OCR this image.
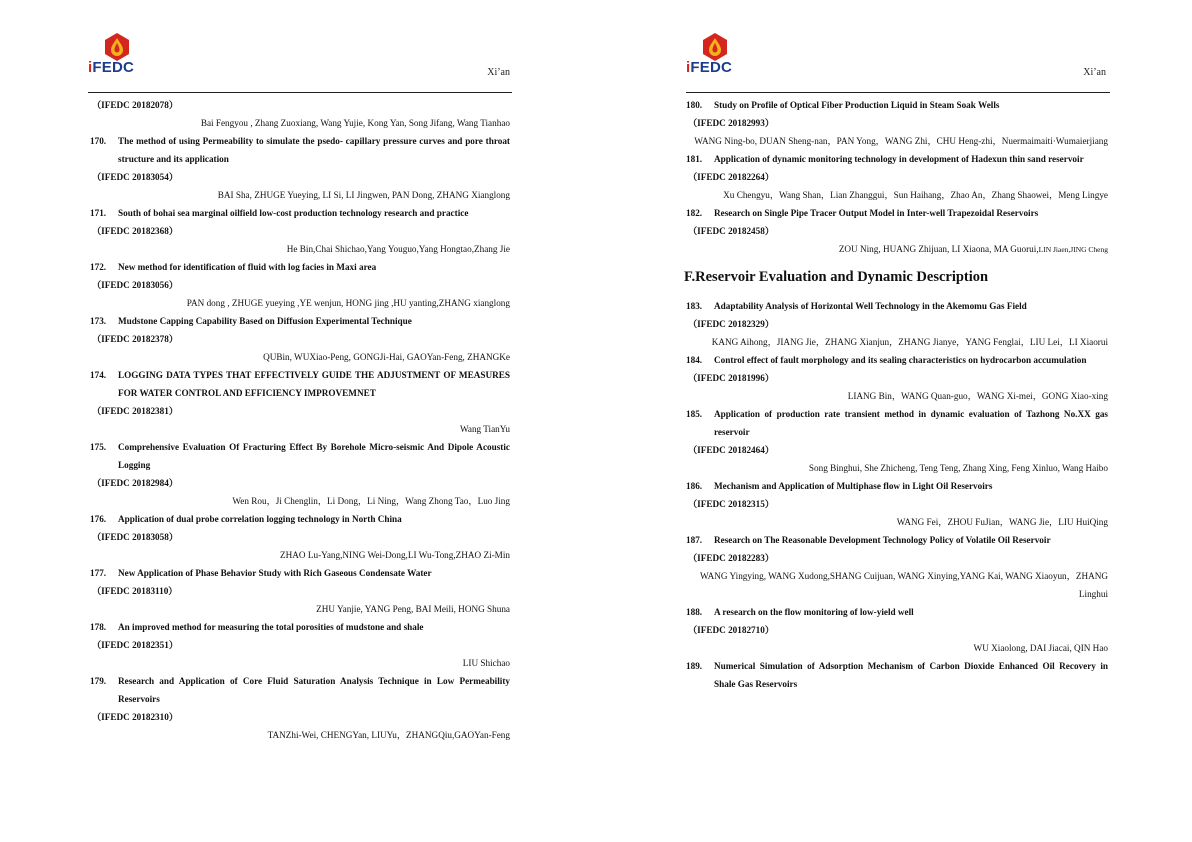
iFEDC	Xi’an
（IFEDC 20182078）
Bai Fengyou , Zhang Zuoxiang, Wang Yujie, Kong Yan, Song Jifang, Wang Tianhao
170.	The method of using Permeability to simulate the psedo- capillary pressure curves and pore throat structure and its application
（IFEDC 20183054）
BAI Sha, ZHUGE Yueying, LI Si, LI Jingwen, PAN Dong, ZHANG Xianglong
171.	South of bohai sea marginal oilfield low-cost production technology research and practice
（IFEDC 20182368）
He Bin,Chai Shichao,Yang Youguo,Yang Hongtao,Zhang Jie
172.	New method for identification of fluid with log facies in Maxi area
（IFEDC 20183056）
PAN dong , ZHUGE yueying ,YE wenjun, HONG jing ,HU yanting,ZHANG xianglong
173.	Mudstone Capping Capability Based on Diffusion Experimental Technique
（IFEDC 20182378）
QUBin, WUXiao-Peng, GONGJi-Hai, GAOYan-Feng, ZHANGKe
174.	LOGGING DATA TYPES THAT EFFECTIVELY GUIDE THE ADJUSTMENT OF MEASURES FOR WATER CONTROL AND EFFICIENCY IMPROVEMNET
（IFEDC 20182381）
Wang TianYu
175.	Comprehensive Evaluation Of Fracturing Effect By Borehole Micro-seismic And Dipole Acoustic Logging
（IFEDC 20182984）
Wen Rou，Ji Chenglin，Li Dong，Li Ning，Wang Zhong Tao，Luo Jing
176.	Application of dual probe correlation logging technology in North China
（IFEDC 20183058）
ZHAO Lu-Yang,NING Wei-Dong,LI Wu-Tong,ZHAO Zi-Min
177.	New Application of Phase Behavior Study with Rich Gaseous Condensate Water
（IFEDC 20183110）
ZHU Yanjie, YANG Peng, BAI Meili, HONG Shuna
178.	An improved method for measuring the total porosities of mudstone and shale
（IFEDC 20182351）
LIU Shichao
179.	Research and Application of Core Fluid Saturation Analysis Technique in Low Permeability Reservoirs
（IFEDC 20182310）
TANZhi-Wei, CHENGYan, LIUYu，ZHANGQiu,GAOYan-Feng
iFEDC	Xi’an
180.	Study on Profile of Optical Fiber Production Liquid in Steam Soak Wells
（IFEDC 20182993）
WANG Ning-bo, DUAN Sheng-nan，PAN Yong，WANG Zhi，CHU Heng-zhi，Nuermaimaiti·Wumaierjiang
181.	Application of dynamic monitoring technology in development of Hadexun thin sand reservoir
（IFEDC 20182264）
Xu Chengyu，Wang Shan，Lian Zhanggui，Sun Haihang，Zhao An，Zhang Shaowei，Meng Lingye
182.	Research on Single Pipe Tracer Output Model in Inter-well Trapezoidal Reservoirs
（IFEDC 20182458）
ZOU Ning, HUANG Zhijuan, LI Xiaona, MA Guorui,LIN Jiaen,JING Cheng
F.Reservoir Evaluation and Dynamic Description
183.	Adaptability Analysis of Horizontal Well Technology in the Akemomu Gas Field
（IFEDC 20182329）
KANG Aihong，JIANG Jie，ZHANG Xianjun，ZHANG Jianye，YANG Fenglai，LIU Lei，LI Xiaorui
184.	Control effect of fault morphology and its sealing characteristics on hydrocarbon accumulation
（IFEDC 20181996）
LIANG Bin，WANG Quan-guo，WANG Xi-mei，GONG Xiao-xing
185.	Application of production rate transient method in dynamic evaluation of Tazhong No.XX gas reservoir
（IFEDC 20182464）
Song Binghui, She Zhicheng, Teng Teng, Zhang Xing, Feng Xinluo, Wang Haibo
186.	Mechanism and Application of Multiphase flow in Light Oil Reservoirs
（IFEDC 20182315）
WANG Fei，ZHOU FuJian，WANG Jie，LIU HuiQing
187.	Research on The Reasonable Development Technology Policy of Volatile Oil Reservoir
（IFEDC 20182283）
WANG Yingying, WANG Xudong,SHANG Cuijuan, WANG Xinying,YANG Kai, WANG Xiaoyun，ZHANG Linghui
188.	A research on the flow monitoring of low-yield well
（IFEDC 20182710）
WU Xiaolong, DAI Jiacai, QIN Hao
189.	Numerical Simulation of Adsorption Mechanism of Carbon Dioxide Enhanced Oil Recovery in Shale Gas Reservoirs
